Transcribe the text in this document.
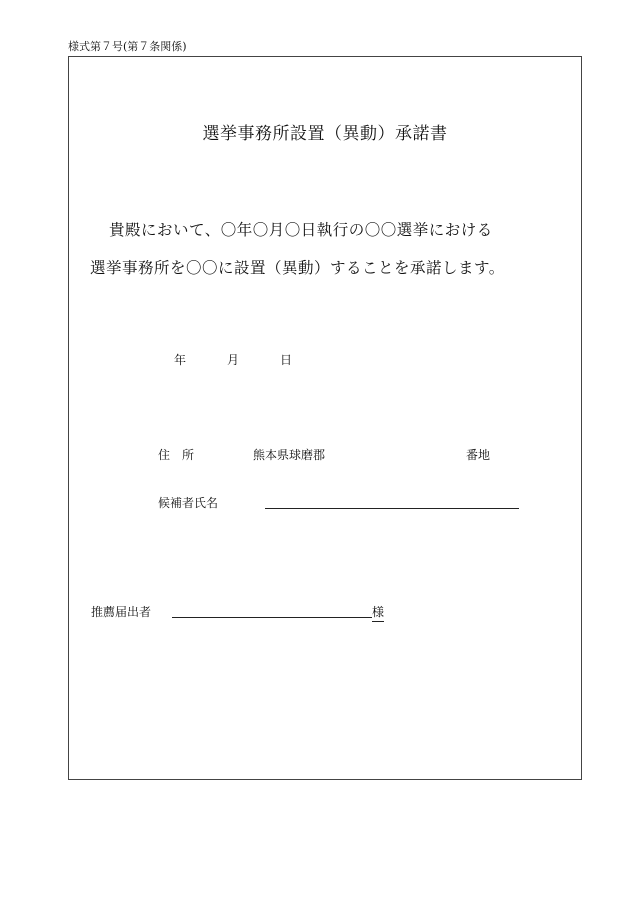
様式第７号(第７条関係)
選挙事務所設置（異動）承諾書
貴殿において、〇年〇月〇日執行の〇〇選挙における
選挙事務所を〇〇に設置（異動）することを承諾します。
年	月	日
住　所	熊本県球磨郡	番地
候補者氏名
推薦届出者	様
